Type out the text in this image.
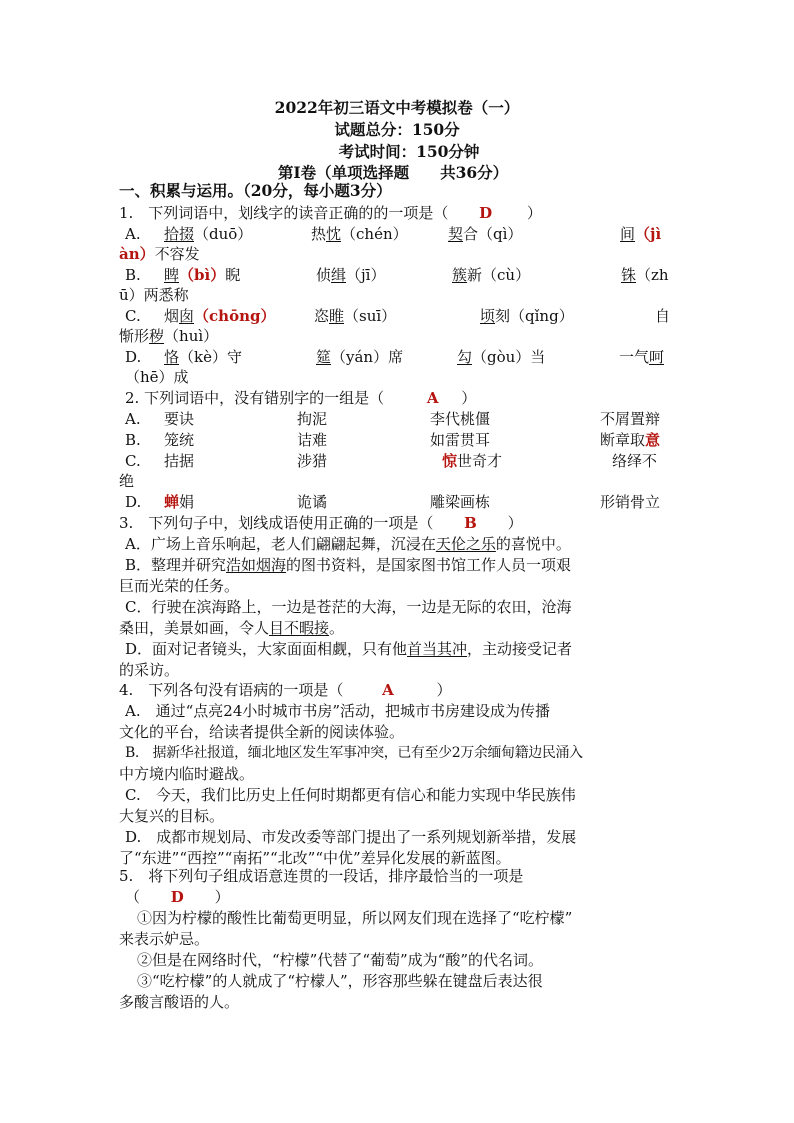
2022年初三语文中考模拟卷（一）
试题总分：150分
考试时间：150分钟
第Ⅰ卷（单项选择题　　共36分）
一、积累与运用。（20分，每小题3分）
1.　下列词语中，划线字的读音正确的的一项是（ D ）
A. 拾掇（duō）	热忱（chén）	契合（qì）	间（jì
àn）不容发
B. 睥（bì）睨	侦缉（jī）	簇新（cù）	铢（zh
ū）两悉称
C. 烟囱（chōng）	恣睢（suī）	顷刻（qǐng）	自
惭形秽（huì）
D. 恪（kè）守	筵（yán）席	勾（gòu）当	一气呵
（hē）成
2. 下列词语中，没有错别字的一组是（	A ）
A. 要诀	拘泥	李代桃僵	不屑置辩
B. 笼统	诘难	如雷贯耳	断章取意
C. 拮据	涉猎	惊世奇才	络绎不
绝
D. 蝉娟	诡谲	雕梁画栋	形销骨立
3.　下列句子中，划线成语使用正确的一项是（ B ）
A．广场上音乐响起，老人们翩翩起舞，沉浸在天伦之乐的喜悦中。
B．整理并研究浩如烟海的图书资料，是国家图书馆工作人员一项艰
巨而光荣的任务。
C．行驶在滨海路上，一边是苍茫的大海，一边是无际的农田，沧海
桑田，美景如画，令人目不暇接。
D．面对记者镜头，大家面面相觑，只有他首当其冲，主动接受记者
的采访。
4.　下列各句没有语病的一项是（	A	）
A.　通过“点亮24小时城市书房”活动，把城市书房建设成为传播
文化的平台，给读者提供全新的阅读体验。
B.　据新华社报道，缅北地区发生军事冲突，已有至少2万余缅甸籍边民涌入
中方境内临时避战。
C.　今天，我们比历史上任何时期都更有信心和能力实现中华民族伟
大复兴的目标。
D.　成都市规划局、市发改委等部门提出了一系列规划新举措，发展
了“东进”“西控”“南拓”“北改”“中优”差异化发展的新蓝图。
5.　将下列句子组成语意连贯的一段话，排序最恰当的一项是
（ D ）
①因为柠檬的酸性比葡萄更明显，所以网友们现在选择了“吃柠檬”
来表示妒忌。
②但是在网络时代，“柠檬”代替了“葡萄”成为“酸”的代名词。
③“吃柠檬”的人就成了“柠檬人”，形容那些躲在键盘后表达很
多酸言酸语的人。
